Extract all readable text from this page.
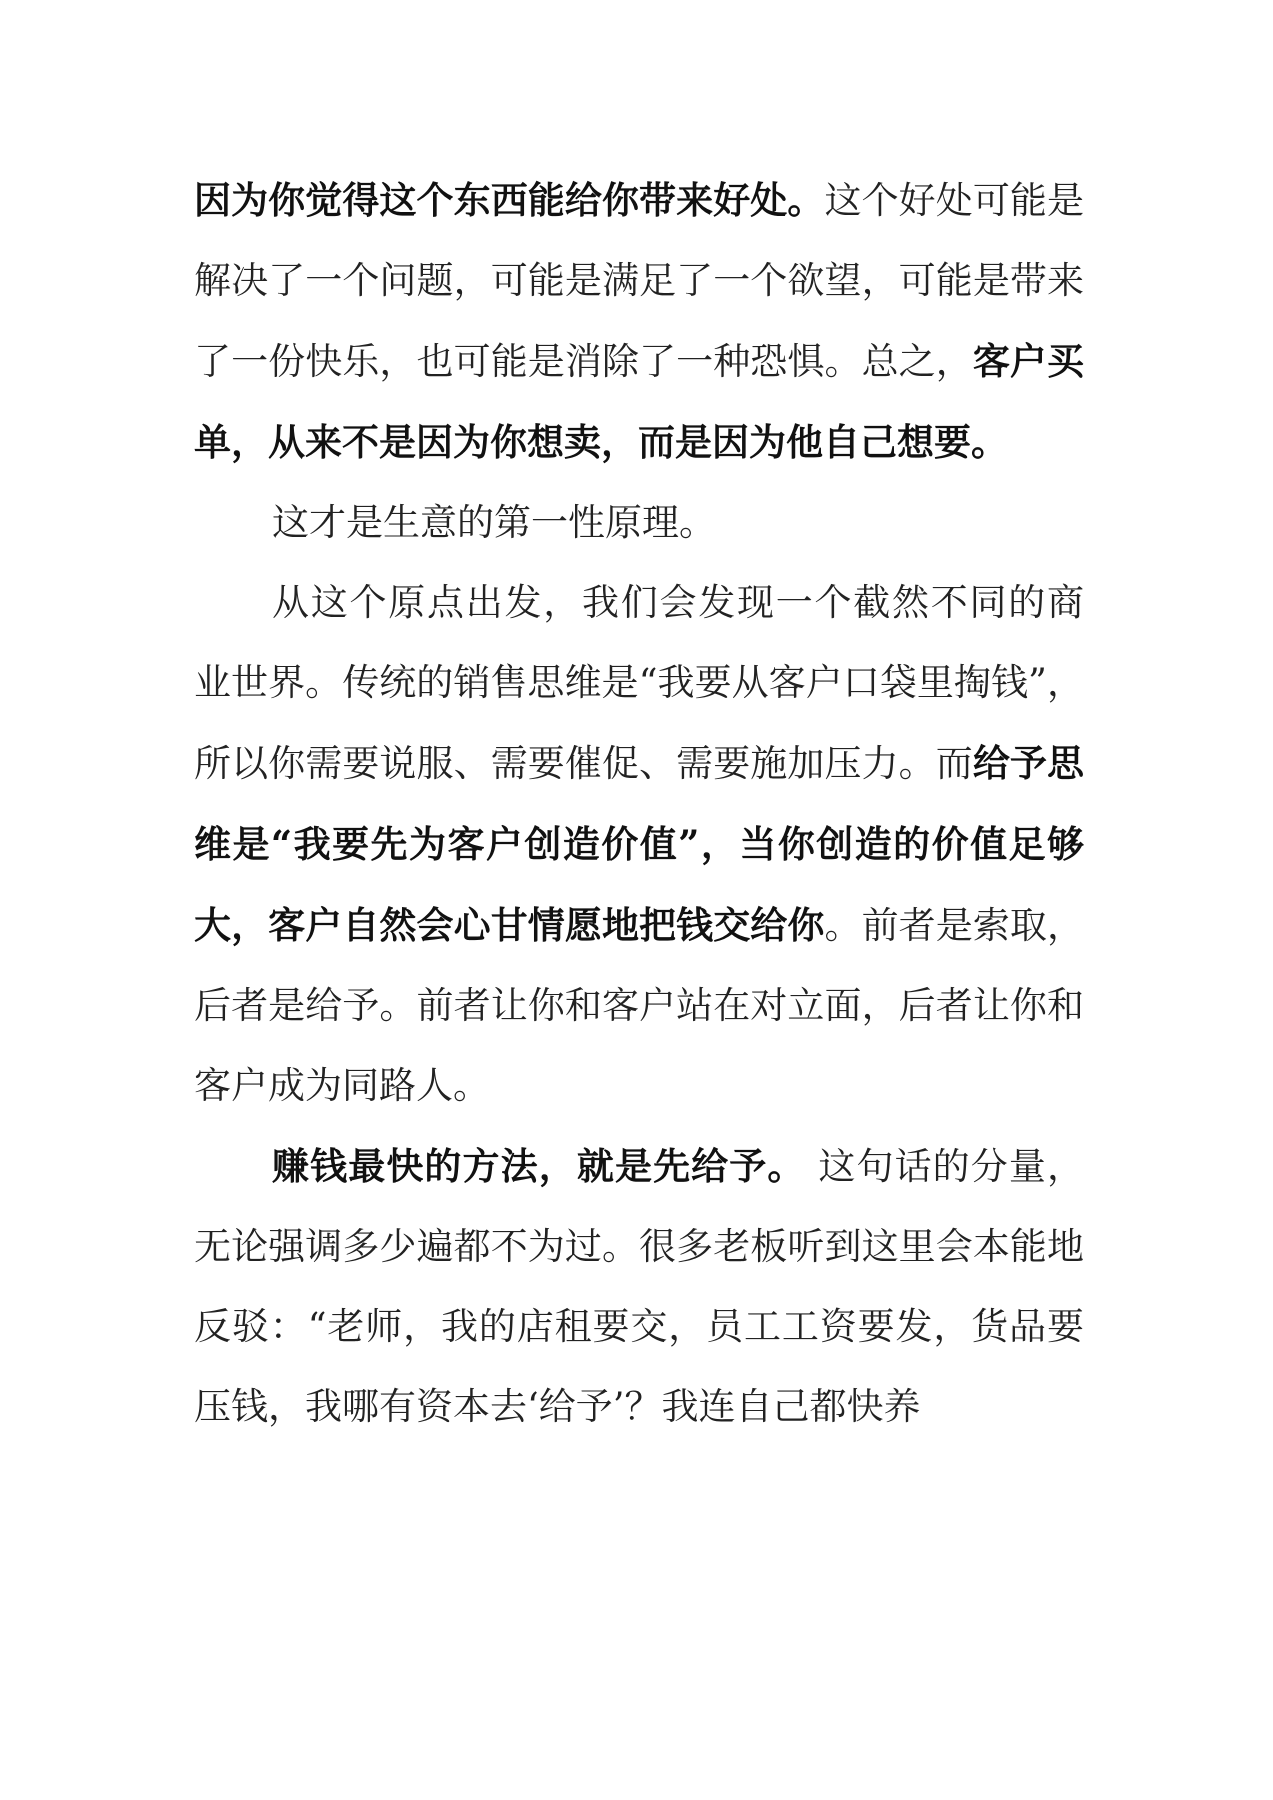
因为你觉得这个东西能给你带来好处。这个好处可能是解决了一个问题，可能是满足了一个欲望，可能是带来了一份快乐，也可能是消除了一种恐惧。总之，客户买单，从来不是因为你想卖，而是因为他自己想要。

这才是生意的第一性原理。

从这个原点出发，我们会发现一个截然不同的商业世界。传统的销售思维是“我要从客户口袋里掏钱”，所以你需要说服、需要催促、需要施加压力。而给予思维是“我要先为客户创造价值”，当你创造的价值足够大，客户自然会心甘情愿地把钱交给你。前者是索取，后者是给予。前者让你和客户站在对立面，后者让你和客户成为同路人。

赚钱最快的方法，就是先给予。 这句话的分量，无论强调多少遍都不为过。很多老板听到这里会本能地反驳：“老师，我的店租要交，员工工资要发，货品要压钱，我哪有资本去‘给予’？我连自己都快养
